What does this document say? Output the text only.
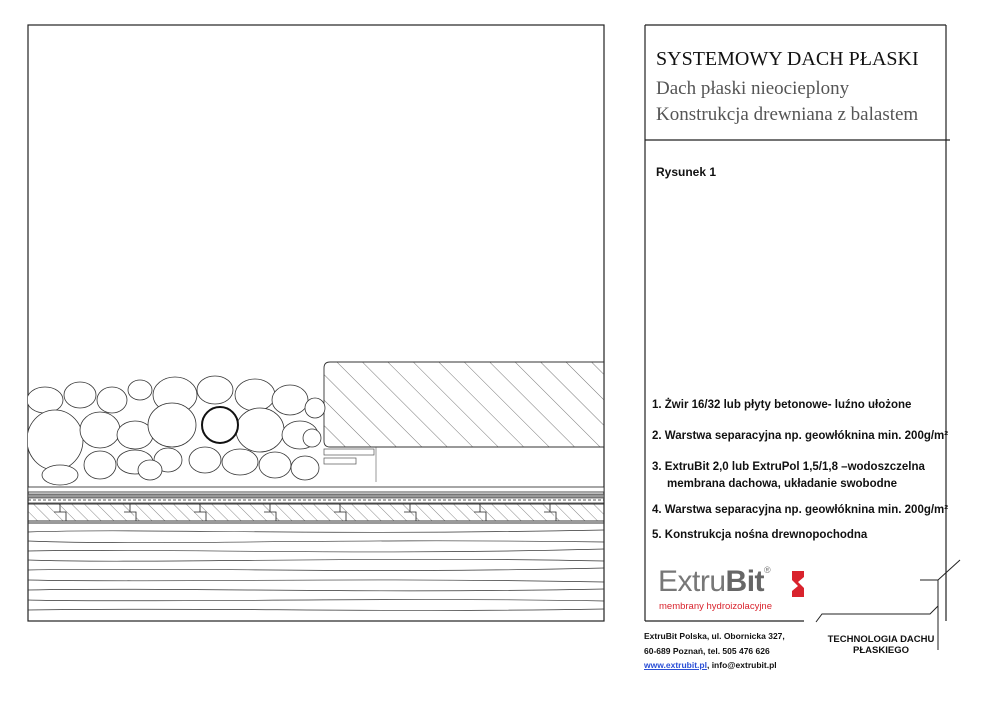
SYSTEMOWY DACH PŁASKI
Dach płaski nieocieplony
Konstrukcja drewniana z balastem
Rysunek 1
1. Żwir 16/32 lub płyty betonowe- luźno ułożone
2. Warstwa separacyjna np. geowłóknina min. 200g/m²
3. ExtruBit 2,0 lub ExtruPol 1,5/1,8 –wodoszczelna
membrana dachowa, układanie swobodne
4. Warstwa separacyjna np. geowłóknina min. 200g/m²
5. Konstrukcja nośna drewnopochodna
ExtruBit®
membrany hydroizolacyjne
ExtruBit Polska, ul. Obornicka 327,
60-689 Poznań, tel. 505 476 626
www.extrubit.pl, info@extrubit.pl
TECHNOLOGIA DACHU PŁASKIEGO
